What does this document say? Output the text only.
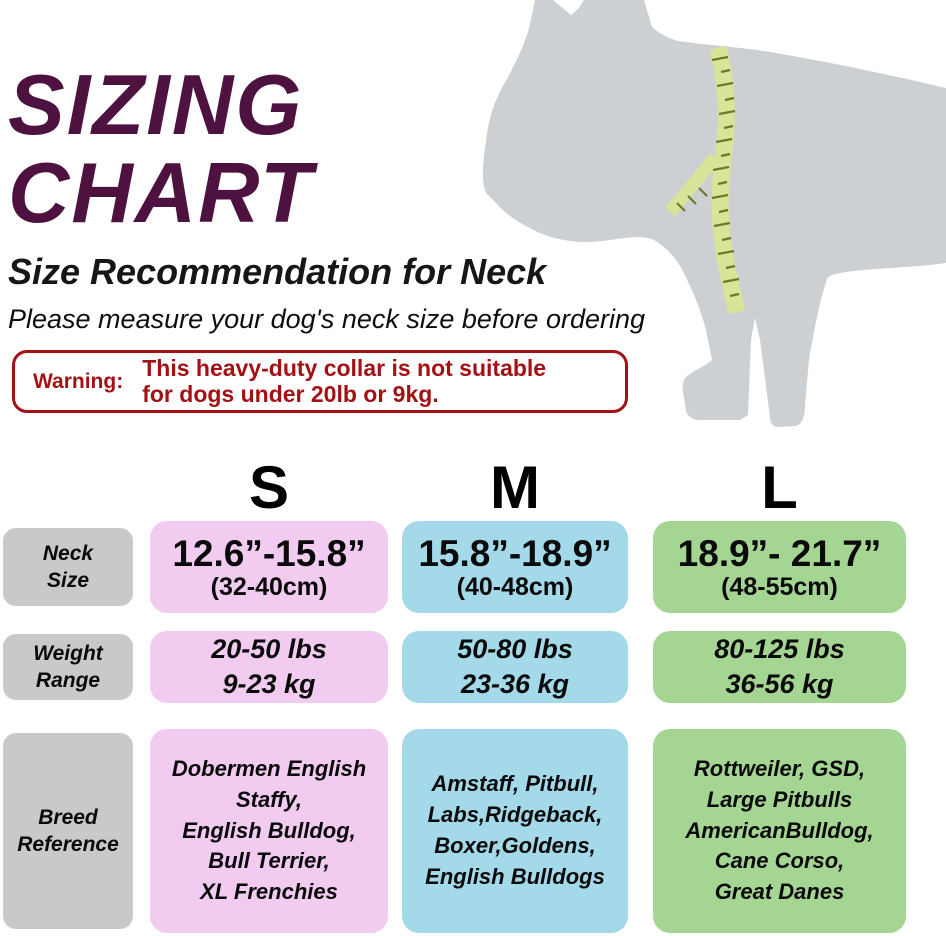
SIZING
CHART
Size Recommendation for Neck
Please measure your dog's neck size before ordering
Warning:
This heavy-duty collar is not suitable
for dogs under 20lb or 9kg.
S	M	L
Neck
Size
12.6”-15.8”
(32-40cm)
15.8”-18.9”
(40-48cm)
18.9”- 21.7”
(48-55cm)
Weight
Range
20-50 lbs
9-23 kg
50-80 lbs
23-36 kg
80-125 lbs
36-56 kg
Breed
Reference
Dobermen English
Staffy,
English Bulldog,
Bull Terrier,
XL Frenchies
Amstaff, Pitbull,
Labs,Ridgeback,
Boxer,Goldens,
English Bulldogs
Rottweiler, GSD,
Large Pitbulls
AmericanBulldog,
Cane Corso,
Great Danes
